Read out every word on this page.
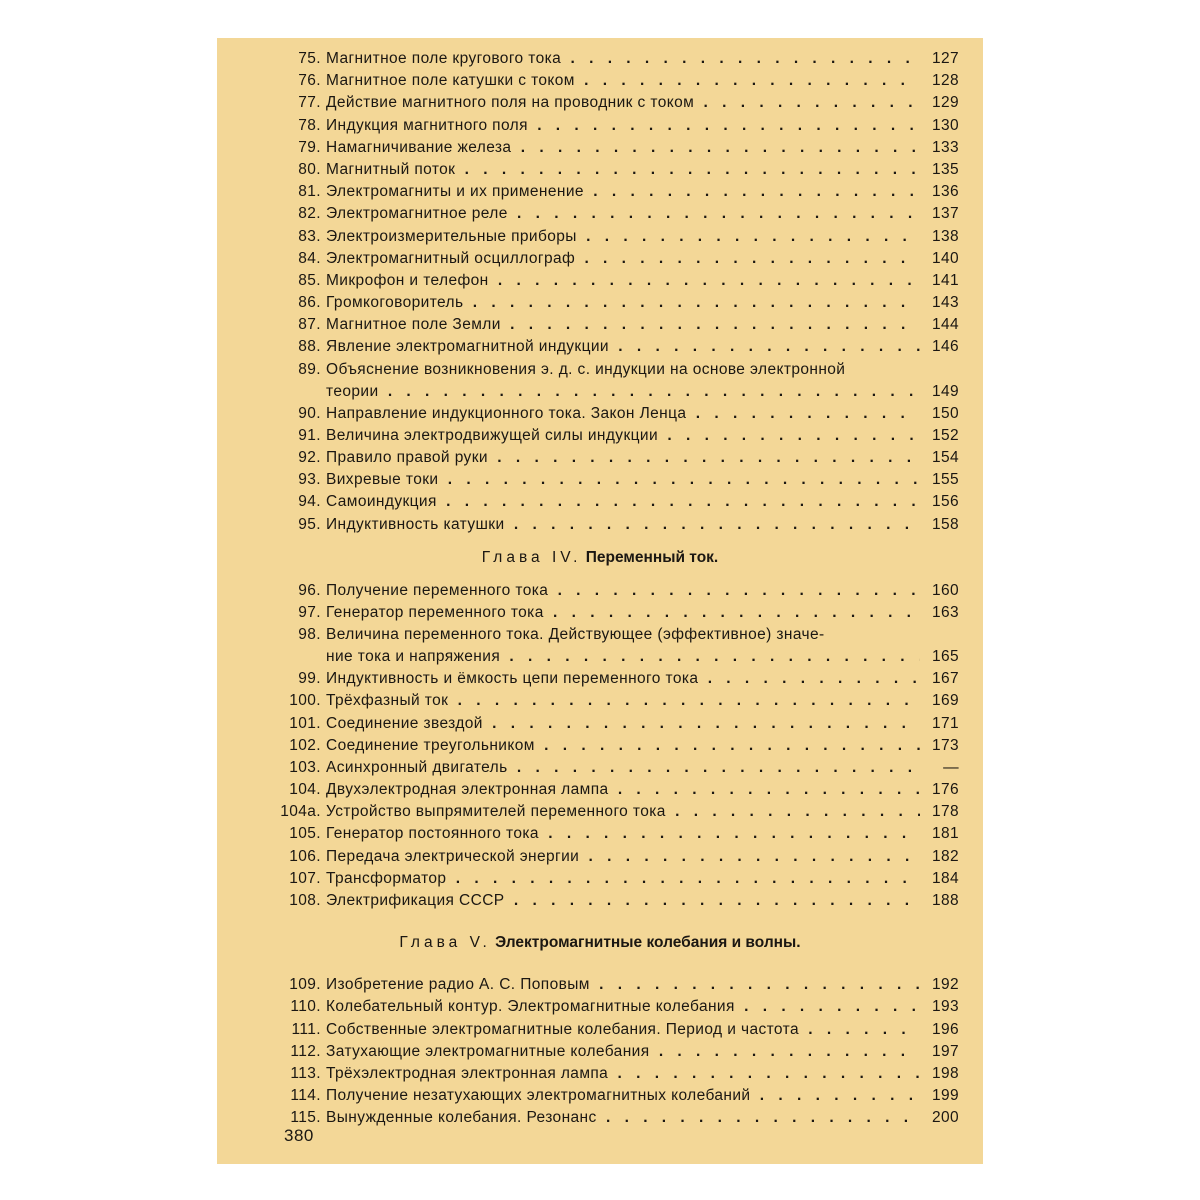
75. Магнитное поле кругового тока . . .	127
76. Магнитное поле катушки с током . . .	128
77. Действие магнитного поля на проводник с током . . .	129
78. Индукция магнитного поля . . .	130
79. Намагничивание железа . . .	133
80. Магнитный поток . . .	135
81. Электромагниты и их применение . . .	136
82. Электромагнитное реле . . .	137
83. Электроизмерительные приборы . . .	138
84. Электромагнитный осциллограф . . .	140
85. Микрофон и телефон . . .	141
86. Громкоговоритель . . .	143
87. Магнитное поле Земли . . .	144
88. Явление электромагнитной индукции . . .	146
89. Объяснение возникновения э. д. с. индукции на основе электронной
теории . . .	149
90. Направление индукционного тока. Закон Ленца . . .	150
91. Величина электродвижущей силы индукции . . .	152
92. Правило правой руки . . .	154
93. Вихревые токи . . .	155
94. Самоиндукция . . .	156
95. Индуктивность катушки . . .	158
Глава IV. Переменный ток.
96. Получение переменного тока . . .	160
97. Генератор переменного тока . . .	163
98. Величина переменного тока. Действующее (эффективное) значе-
ние тока и напряжения . . .	165
99. Индуктивность и ёмкость цепи переменного тока . . .	167
100. Трёхфазный ток . . .	169
101. Соединение звездой . . .	171
102. Соединение треугольником . . .	173
103. Асинхронный двигатель . . .	—
104. Двухэлектродная электронная лампа . . .	176
104а. Устройство выпрямителей переменного тока . . .	178
105. Генератор постоянного тока . . .	181
106. Передача электрической энергии . . .	182
107. Трансформатор . . .	184
108. Электрификация СССР . . .	188
Глава V. Электромагнитные колебания и волны.
109. Изобретение радио А. С. Поповым . . .	192
110. Колебательный контур. Электромагнитные колебания . . .	193
111. Собственные электромагнитные колебания. Период и частота . . .	196
112. Затухающие электромагнитные колебания . . .	197
113. Трёхэлектродная электронная лампа . . .	198
114. Получение незатухающих электромагнитных колебаний . . .	199
115. Вынужденные колебания. Резонанс . . .	200
380
